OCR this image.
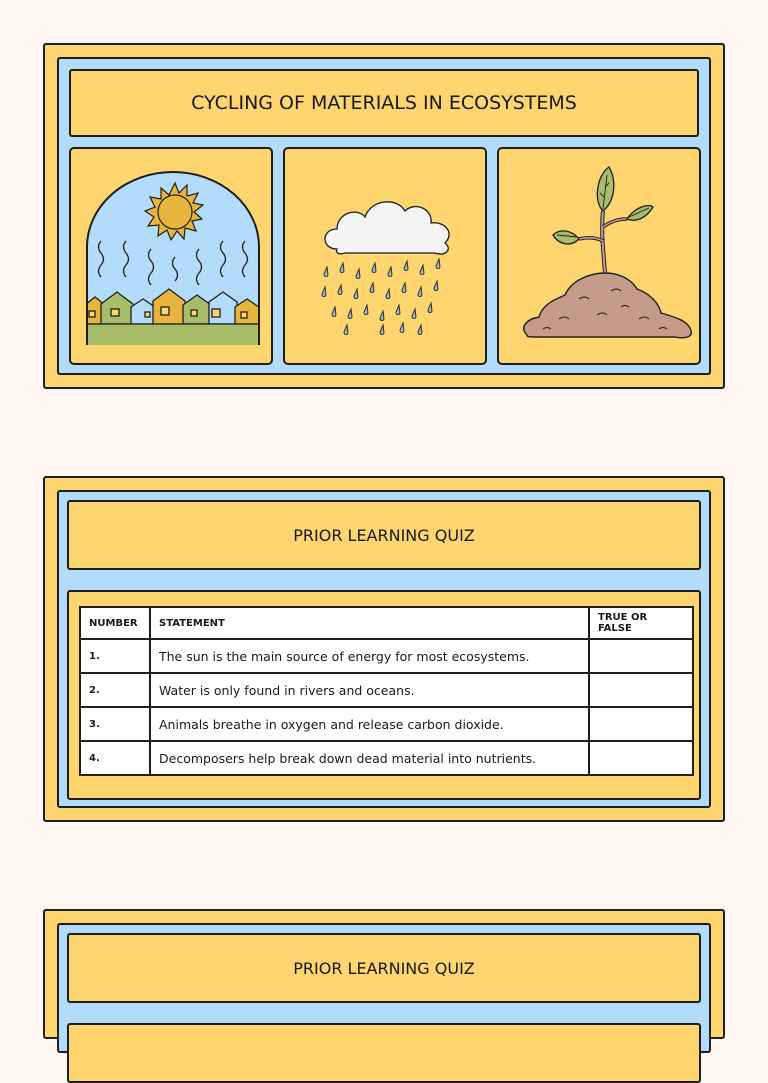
CYCLING OF MATERIALS IN ECOSYSTEMS
PRIOR LEARNING QUIZ
NUMBER	STATEMENT	TRUE OR FALSE
1.	The sun is the main source of energy for most ecosystems.	
2.	Water is only found in rivers and oceans.	
3.	Animals breathe in oxygen and release carbon dioxide.	
4.	Decomposers help break down dead material into nutrients.	
PRIOR LEARNING QUIZ
